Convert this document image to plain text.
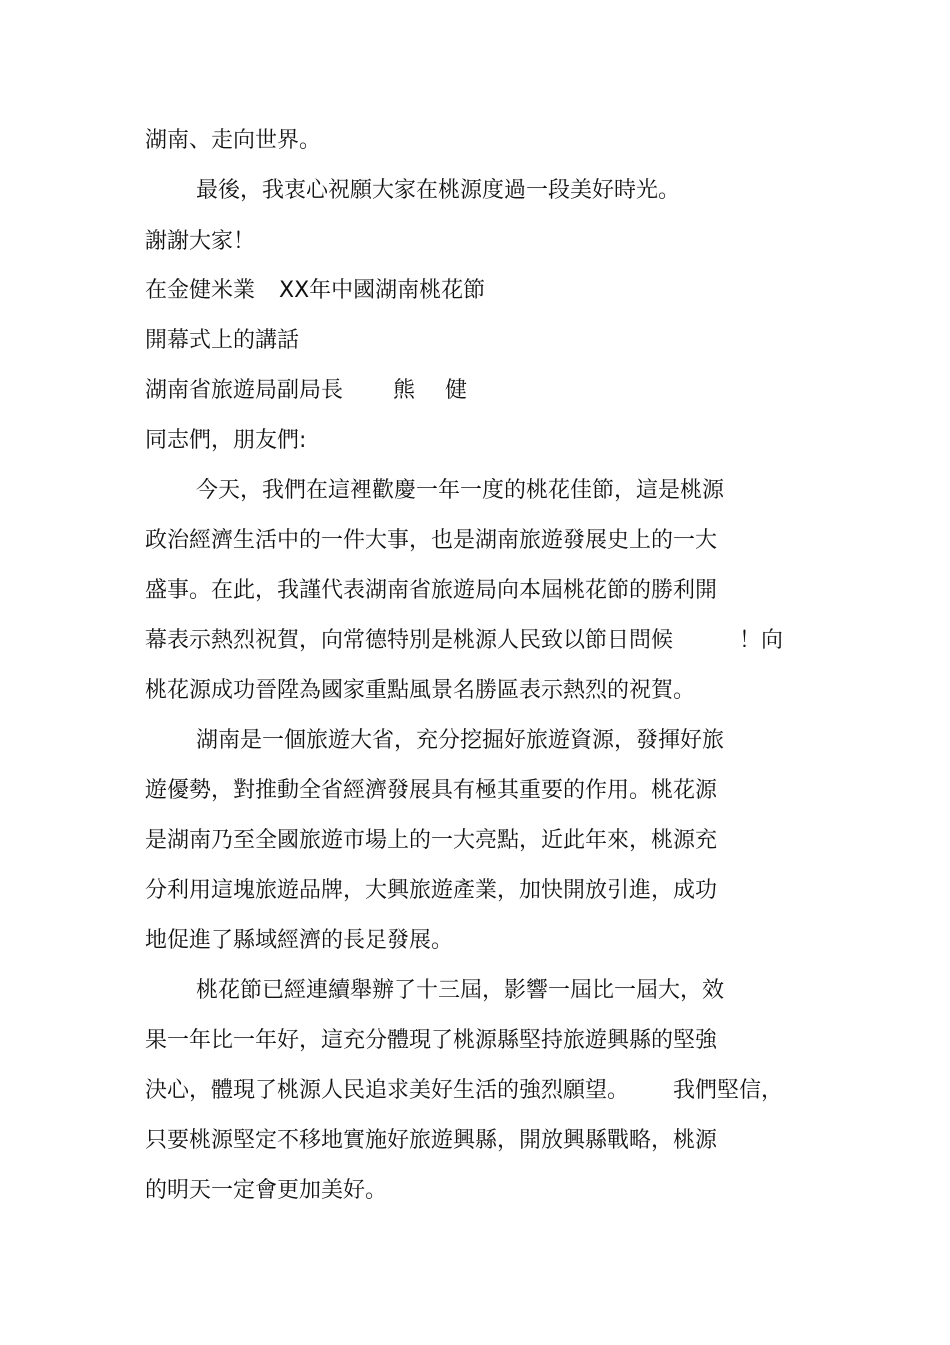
湖南、走向世界。
最後，我衷心祝願大家在桃源度過一段美好時光。
謝謝大家！
在金健米業 XX年中國湖南桃花節
開幕式上的講話
湖南省旅遊局副局長 熊 健
同志們，朋友們:
今天，我們在這裡歡慶一年一度的桃花佳節，這是桃源
政治經濟生活中的一件大事，也是湖南旅遊發展史上的一大
盛事。在此，我謹代表湖南省旅遊局向本屆桃花節的勝利開
幕表示熱烈祝賀，向常德特別是桃源人民致以節日問候	！向
桃花源成功晉陞為國家重點風景名勝區表示熱烈的祝賀。
湖南是一個旅遊大省，充分挖掘好旅遊資源，發揮好旅
遊優勢，對推動全省經濟發展具有極其重要的作用。桃花源
是湖南乃至全國旅遊市場上的一大亮點，近此年來，桃源充
分利用這塊旅遊品牌，大興旅遊產業，加快開放引進，成功
地促進了縣域經濟的長足發展。
桃花節已經連續舉辦了十三屆，影響一屆比一屆大，效
果一年比一年好，這充分體現了桃源縣堅持旅遊興縣的堅強
決心，體現了桃源人民追求美好生活的強烈願望。 我們堅信，
只要桃源堅定不移地實施好旅遊興縣，開放興縣戰略，桃源
的明天一定會更加美好。
